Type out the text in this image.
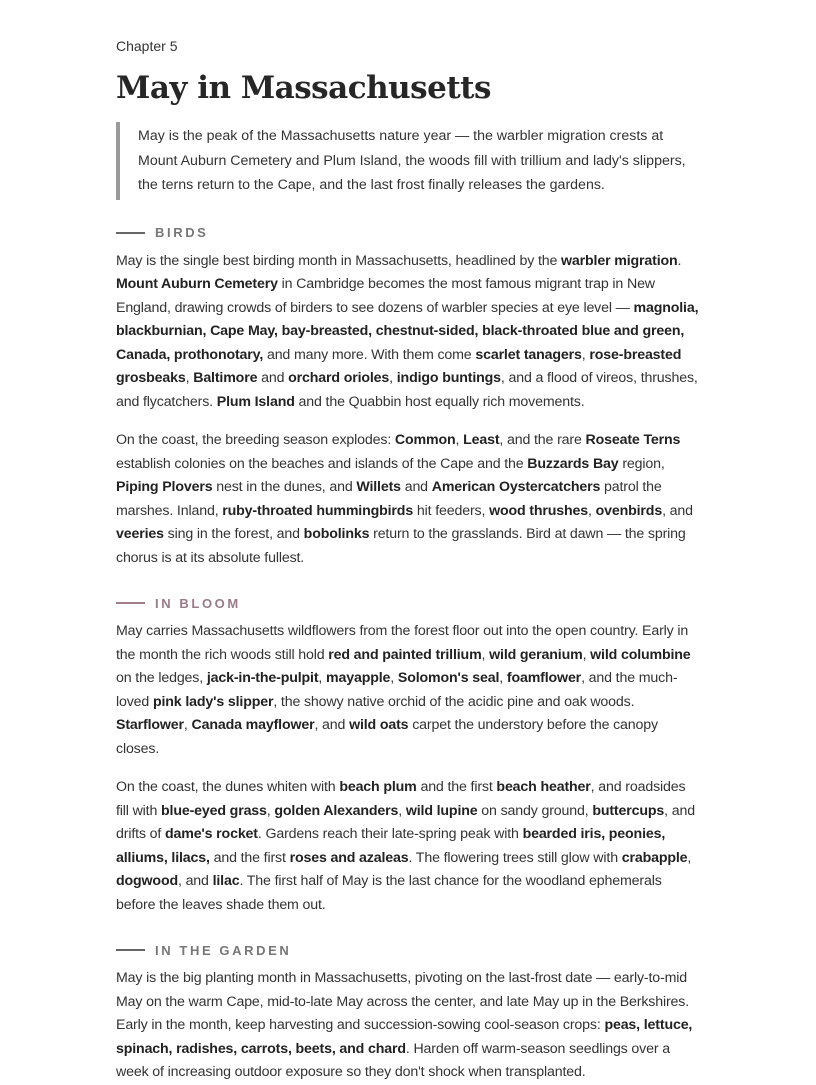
Chapter 5

May in Massachusetts
May is the peak of the Massachusetts nature year — the warbler migration crests at Mount Auburn Cemetery and Plum Island, the woods fill with trillium and lady's slippers, the terns return to the Cape, and the last frost finally releases the gardens.
BIRDS

May is the single best birding month in Massachusetts, headlined by the warbler migration. Mount Auburn Cemetery in Cambridge becomes the most famous migrant trap in New England, drawing crowds of birders to see dozens of warbler species at eye level — magnolia, blackburnian, Cape May, bay-breasted, chestnut-sided, black-throated blue and green, Canada, prothonotary, and many more. With them come scarlet tanagers, rose-breasted grosbeaks, Baltimore and orchard orioles, indigo buntings, and a flood of vireos, thrushes, and flycatchers. Plum Island and the Quabbin host equally rich movements.

On the coast, the breeding season explodes: Common, Least, and the rare Roseate Terns establish colonies on the beaches and islands of the Cape and the Buzzards Bay region, Piping Plovers nest in the dunes, and Willets and American Oystercatchers patrol the marshes. Inland, ruby-throated hummingbirds hit feeders, wood thrushes, ovenbirds, and veeries sing in the forest, and bobolinks return to the grasslands. Bird at dawn — the spring chorus is at its absolute fullest.

IN BLOOM

May carries Massachusetts wildflowers from the forest floor out into the open country. Early in the month the rich woods still hold red and painted trillium, wild geranium, wild columbine on the ledges, jack-in-the-pulpit, mayapple, Solomon's seal, foamflower, and the much-loved pink lady's slipper, the showy native orchid of the acidic pine and oak woods. Starflower, Canada mayflower, and wild oats carpet the understory before the canopy closes.

On the coast, the dunes whiten with beach plum and the first beach heather, and roadsides fill with blue-eyed grass, golden Alexanders, wild lupine on sandy ground, buttercups, and drifts of dame's rocket. Gardens reach their late-spring peak with bearded iris, peonies, alliums, lilacs, and the first roses and azaleas. The flowering trees still glow with crabapple, dogwood, and lilac. The first half of May is the last chance for the woodland ephemerals before the leaves shade them out.

IN THE GARDEN

May is the big planting month in Massachusetts, pivoting on the last-frost date — early-to-mid May on the warm Cape, mid-to-late May across the center, and late May up in the Berkshires. Early in the month, keep harvesting and succession-sowing cool-season crops: peas, lettuce, spinach, radishes, carrots, beets, and chard. Harden off warm-season seedlings over a week of increasing outdoor exposure so they don't shock when transplanted.
